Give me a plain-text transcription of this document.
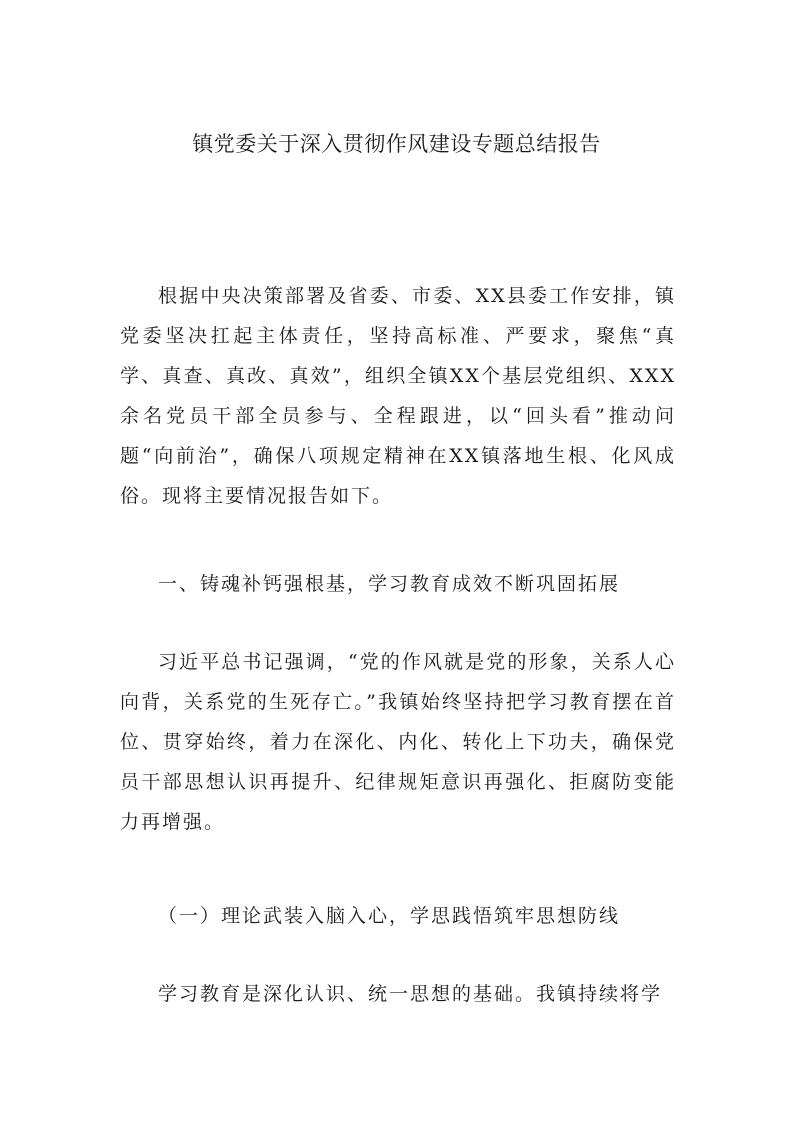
镇党委关于深入贯彻作风建设专题总结报告

根据中央决策部署及省委、市委、XX县委工作安排，镇党委坚决扛起主体责任，坚持高标准、严要求，聚焦“真学、真查、真改、真效”，组织全镇XX个基层党组织、XXX余名党员干部全员参与、全程跟进，以“回头看”推动问题“向前治”，确保八项规定精神在XX镇落地生根、化风成俗。现将主要情况报告如下。

一、铸魂补钙强根基，学习教育成效不断巩固拓展

习近平总书记强调，“党的作风就是党的形象，关系人心向背，关系党的生死存亡。”我镇始终坚持把学习教育摆在首位、贯穿始终，着力在深化、内化、转化上下功夫，确保党员干部思想认识再提升、纪律规矩意识再强化、拒腐防变能力再增强。

（一）理论武装入脑入心，学思践悟筑牢思想防线

学习教育是深化认识、统一思想的基础。我镇持续将学
